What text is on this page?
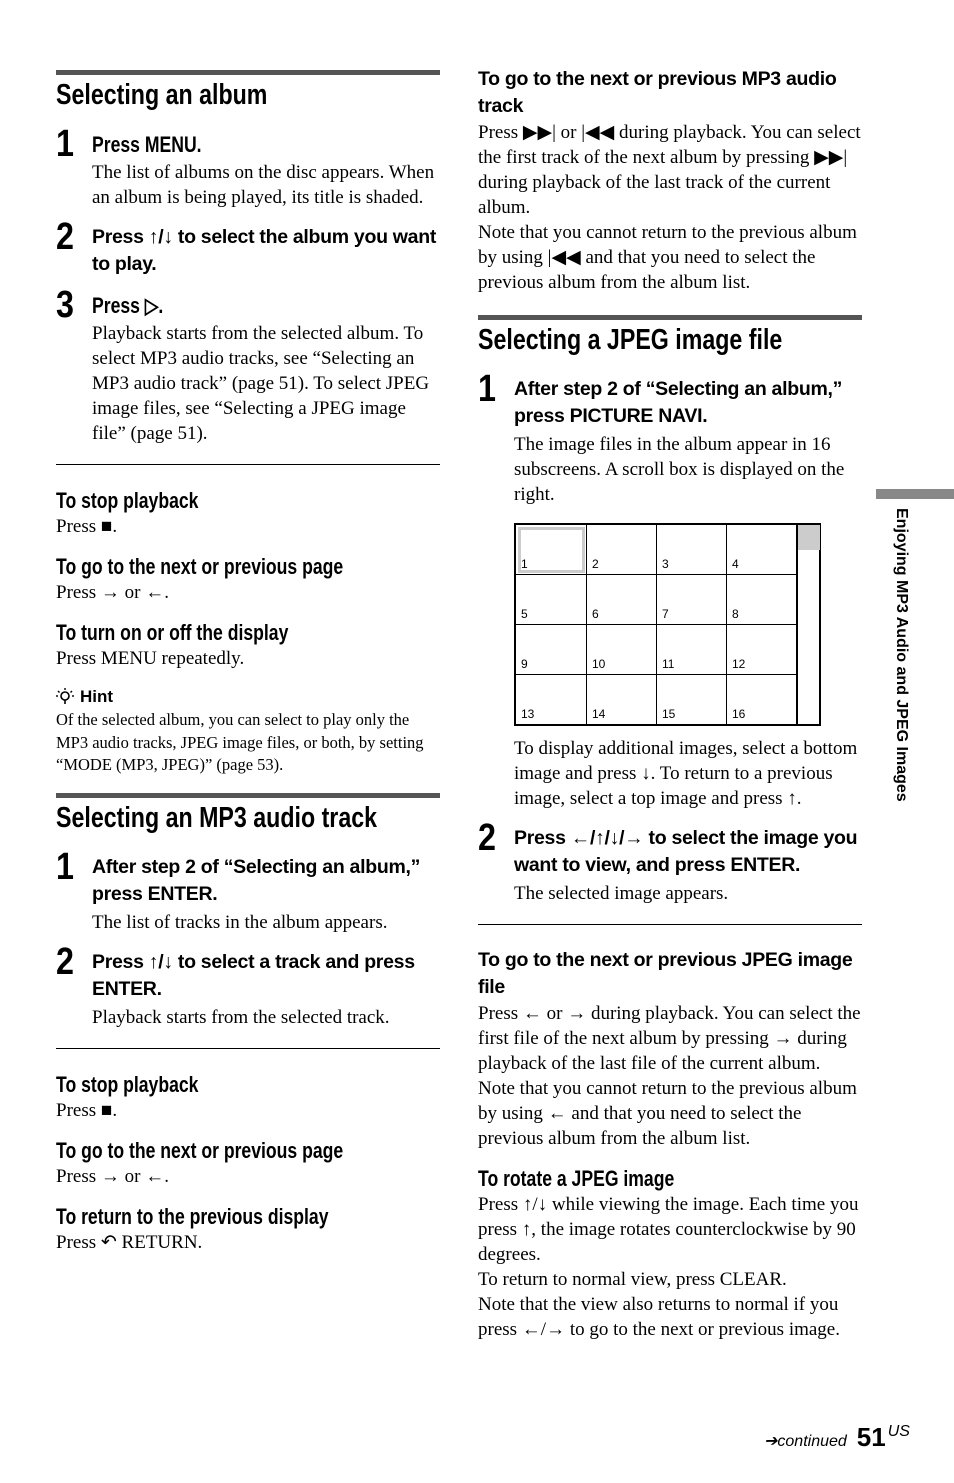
Selecting an album
1 Press MENU.
The list of albums on the disc appears. When an album is being played, its title is shaded.
2 Press ↑/↓ to select the album you want to play.
3 Press ▷.
Playback starts from the selected album. To select MP3 audio tracks, see “Selecting an MP3 audio track” (page 51). To select JPEG image files, see “Selecting a JPEG image file” (page 51).
To stop playback
Press ■.
To go to the next or previous page
Press → or ←.
To turn on or off the display
Press MENU repeatedly.
Hint
Of the selected album, you can select to play only the MP3 audio tracks, JPEG image files, or both, by setting “MODE (MP3, JPEG)” (page 53).
Selecting an MP3 audio track
1 After step 2 of “Selecting an album,” press ENTER.
The list of tracks in the album appears.
2 Press ↑/↓ to select a track and press ENTER.
Playback starts from the selected track.
To stop playback
Press ■.
To go to the next or previous page
Press → or ←.
To return to the previous display
Press ↶ RETURN.
To go to the next or previous MP3 audio track
Press ▶▶| or |◀◀ during playback. You can select the first track of the next album by pressing ▶▶| during playback of the last track of the current album.
Note that you cannot return to the previous album by using |◀◀ and that you need to select the previous album from the album list.
Selecting a JPEG image file
1 After step 2 of “Selecting an album,” press PICTURE NAVI.
The image files in the album appear in 16 subscreens. A scroll box is displayed on the right.
1	2	3	4
5	6	7	8
9	10	11	12
13	14	15	16
To display additional images, select a bottom image and press ↓. To return to a previous image, select a top image and press ↑.
2 Press ←/↑/↓/→ to select the image you want to view, and press ENTER.
The selected image appears.
To go to the next or previous JPEG image file
Press ← or → during playback. You can select the first file of the next album by pressing → during playback of the last file of the current album.
Note that you cannot return to the previous album by using ← and that you need to select the previous album from the album list.
To rotate a JPEG image
Press ↑/↓ while viewing the image. Each time you press ↑, the image rotates counterclockwise by 90 degrees.
To return to normal view, press CLEAR.
Note that the view also returns to normal if you press ←/→ to go to the next or previous image.
Enjoying MP3 Audio and JPEG Images
➔continued 51 US
